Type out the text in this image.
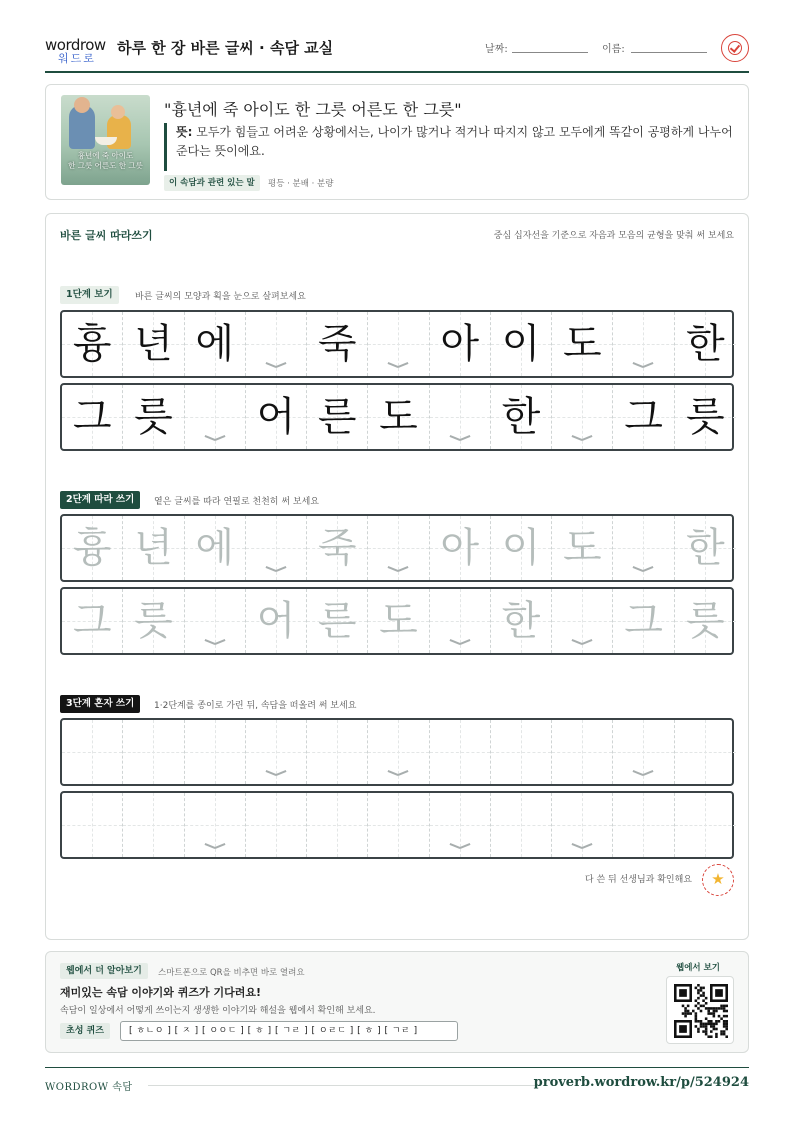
wordrow
워드로
하루 한 장 바른 글씨 · 속담 교실	날짜:	이름:
흉년에 죽 아이도
한 그릇 어른도 한 그릇
"흉년에 죽 아이도 한 그릇 어른도 한 그릇"
뜻: 모두가 힘들고 어려운 상황에서는, 나이가 많거나 적거나 따지지 않고 모두에게 똑같이 공평하게 나누어 준다는 뜻이에요.
이 속담과 관련 있는 말	평등 · 분배 · 분량
바른 글씨 따라쓰기	중심 십자선을 기준으로 자음과 모음의 균형을 맞춰 써 보세요
1단계 보기	바른 글씨의 모양과 획을 눈으로 살펴보세요
흉 년 에 죽 아 이 도 한
그 릇 어 른 도 한 그 릇
2단계 따라 쓰기	옅은 글씨를 따라 연필로 천천히 써 보세요
흉 년 에 죽 아 이 도 한
그 릇 어 른 도 한 그 릇
3단계 혼자 쓰기	1·2단계를 종이로 가린 뒤, 속담을 떠올려 써 보세요
다 쓴 뒤 선생님과 확인해요	★
웹에서 더 알아보기	스마트폰으로 QR을 비추면 바로 열려요
재미있는 속담 이야기와 퀴즈가 기다려요!
속담이 일상에서 어떻게 쓰이는지 생생한 이야기와 해설을 웹에서 확인해 보세요.
초성 퀴즈	[ ㅎㄴㅇ ] [ ㅈ ] [ ㅇㅇㄷ ] [ ㅎ ] [ ㄱㄹ ] [ ㅇㄹㄷ ] [ ㅎ ] [ ㄱㄹ ]
웹에서 보기
WORDROW 속담	proverb.wordrow.kr/p/524924
